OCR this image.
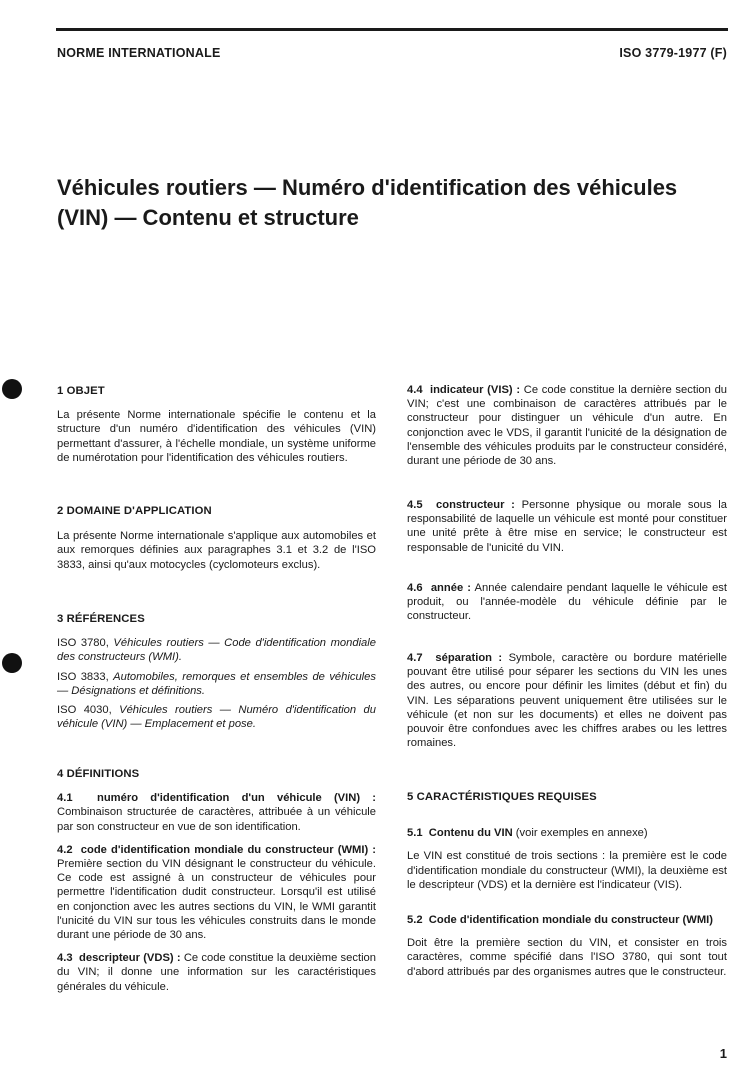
NORME INTERNATIONALE	ISO 3779-1977 (F)
Véhicules routiers — Numéro d'identification des véhicules
(VIN) — Contenu et structure
1 OBJET

La présente Norme internationale spécifie le contenu et la structure d'un numéro d'identification des véhicules (VIN) permettant d'assurer, à l'échelle mondiale, un système uniforme de numérotation pour l'identification des véhicules routiers.

2 DOMAINE D'APPLICATION

La présente Norme internationale s'applique aux automobiles et aux remorques définies aux paragraphes 3.1 et 3.2 de l'ISO 3833, ainsi qu'aux motocycles (cyclomoteurs exclus).

3 RÉFÉRENCES

ISO 3780, Véhicules routiers — Code d'identification mondiale des constructeurs (WMI).

ISO 3833, Automobiles, remorques et ensembles de véhicules — Désignations et définitions.

ISO 4030, Véhicules routiers — Numéro d'identification du véhicule (VIN) — Emplacement et pose.

4 DÉFINITIONS

4.1 numéro d'identification d'un véhicule (VIN) : Combinaison structurée de caractères, attribuée à un véhicule par son constructeur en vue de son identification.

4.2 code d'identification mondiale du constructeur (WMI) : Première section du VIN désignant le constructeur du véhicule. Ce code est assigné à un constructeur de véhicules pour permettre l'identification dudit constructeur. Lorsqu'il est utilisé en conjonction avec les autres sections du VIN, le WMI garantit l'unicité du VIN sur tous les véhicules construits dans le monde durant une période de 30 ans.

4.3 descripteur (VDS) : Ce code constitue la deuxième section du VIN; il donne une information sur les caractéristiques générales du véhicule.

4.4 indicateur (VIS) : Ce code constitue la dernière section du VIN; c'est une combinaison de caractères attribués par le constructeur pour distinguer un véhicule d'un autre. En conjonction avec le VDS, il garantit l'unicité de la désignation de l'ensemble des véhicules produits par le constructeur considéré, durant une période de 30 ans.

4.5 constructeur : Personne physique ou morale sous la responsabilité de laquelle un véhicule est monté pour constituer une unité prête à être mise en service; le constructeur est responsable de l'unicité du VIN.

4.6 année : Année calendaire pendant laquelle le véhicule est produit, ou l'année-modèle du véhicule définie par le constructeur.

4.7 séparation : Symbole, caractère ou bordure matérielle pouvant être utilisé pour séparer les sections du VIN les unes des autres, ou encore pour définir les limites (début et fin) du VIN. Les séparations peuvent uniquement être utilisées sur le véhicule (et non sur les documents) et elles ne doivent pas pouvoir être confondues avec les chiffres arabes ou les lettres romaines.

5 CARACTÉRISTIQUES REQUISES
5.1 Contenu du VIN (voir exemples en annexe)

Le VIN est constitué de trois sections : la première est le code d'identification mondiale du constructeur (WMI), la deuxième est le descripteur (VDS) et la dernière est l'indicateur (VIS).

5.2 Code d'identification mondiale du constructeur (WMI)

Doit être la première section du VIN, et consister en trois caractères, comme spécifié dans l'ISO 3780, qui sont tout d'abord attribués par des organismes autres que le constructeur.

1
